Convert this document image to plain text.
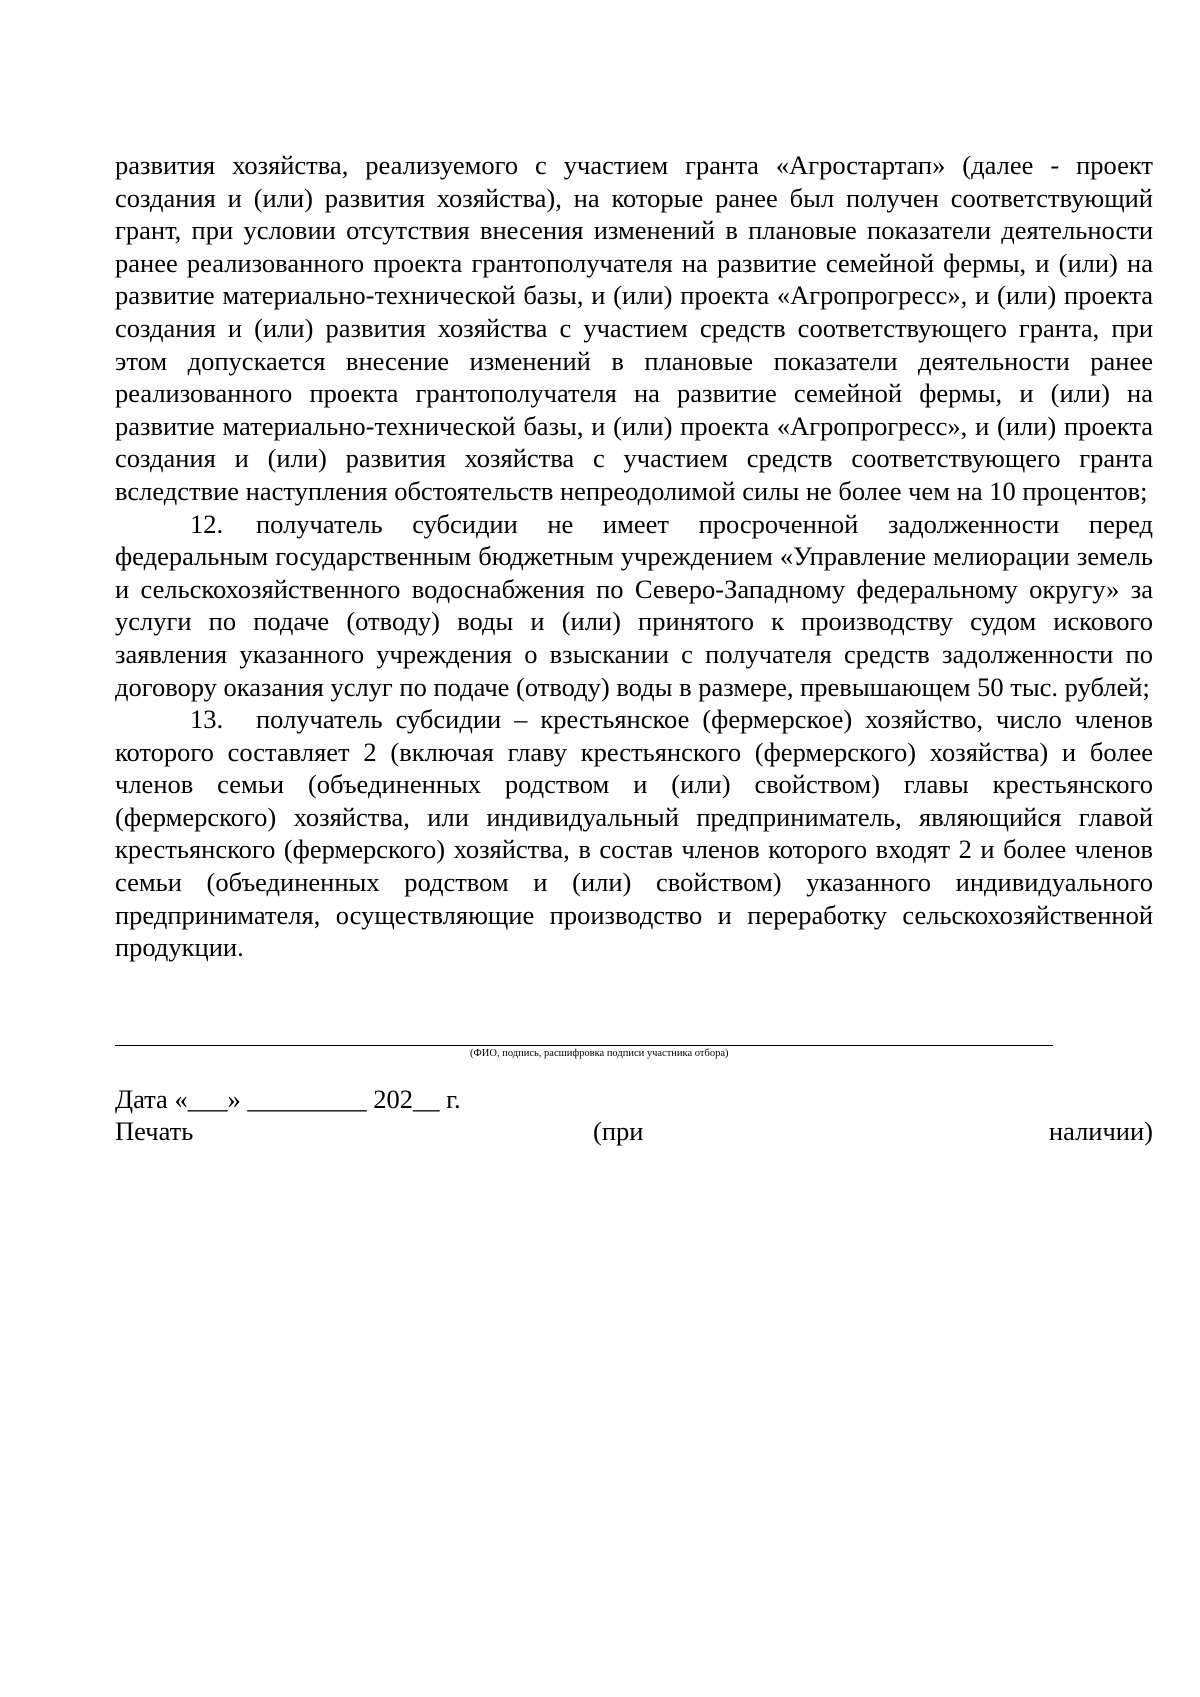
развития хозяйства, реализуемого с участием гранта «Агростартап» (далее - проект создания и (или) развития хозяйства), на которые ранее был получен соответствующий грант, при условии отсутствия внесения изменений в плановые показатели деятельности ранее реализованного проекта грантополучателя на развитие семейной фермы, и (или) на развитие материально-технической базы, и (или) проекта «Агропрогресс», и (или) проекта создания и (или) развития хозяйства с участием средств соответствующего гранта, при этом допускается внесение изменений в плановые показатели деятельности ранее реализованного проекта грантополучателя на развитие семейной фермы, и (или) на развитие материально-технической базы, и (или) проекта «Агропрогресс», и (или) проекта создания и (или) развития хозяйства с участием средств соответствующего гранта вследствие наступления обстоятельств непреодолимой силы не более чем на 10 процентов;

12. получатель субсидии не имеет просроченной задолженности перед федеральным государственным бюджетным учреждением «Управление мелиорации земель и сельскохозяйственного водоснабжения по Северо-Западному федеральному округу» за услуги по подаче (отводу) воды и (или) принятого к производству судом искового заявления указанного учреждения о взыскании с получателя средств задолженности по договору оказания услуг по подаче (отводу) воды в размере, превышающем 50 тыс. рублей;

13. получатель субсидии – крестьянское (фермерское) хозяйство, число членов которого составляет 2 (включая главу крестьянского (фермерского) хозяйства) и более членов семьи (объединенных родством и (или) свойством) главы крестьянского (фермерского) хозяйства, или индивидуальный предприниматель, являющийся главой крестьянского (фермерского) хозяйства, в состав членов которого входят 2 и более членов семьи (объединенных родством и (или) свойством) указанного индивидуального предпринимателя, осуществляющие производство и переработку сельскохозяйственной продукции.

(ФИО, подпись, расшифровка подписи участника отбора)
Дата «___» _________ 202__ г.
Печать	(при	наличии)
